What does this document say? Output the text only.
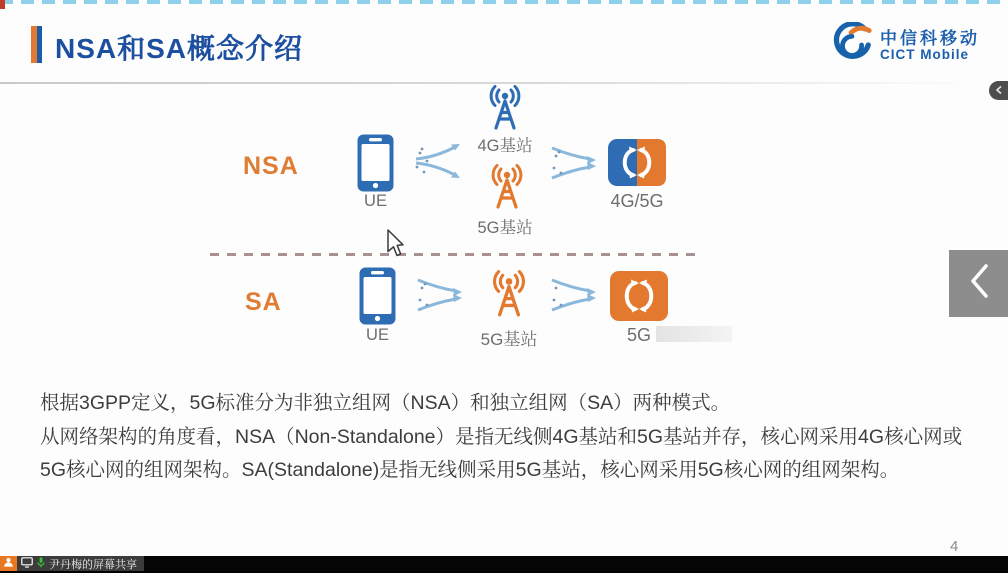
NSA和SA概念介绍	中信科移动
CICT Mobile
NSA
UE
4G基站
5G基站
4G/5G
SA
UE	5G基站	5G
根据3GPP定义，5G标准分为非独立组网（NSA）和独立组网（SA）两种模式。
从网络架构的角度看，NSA（Non-Standalone）是指无线侧4G基站和5G基站并存，核心网采用4G核心网或
5G核心网的组网架构。SA(Standalone)是指无线侧采用5G基站，核心网采用5G核心网的组网架构。
4
尹丹梅的屏幕共享
